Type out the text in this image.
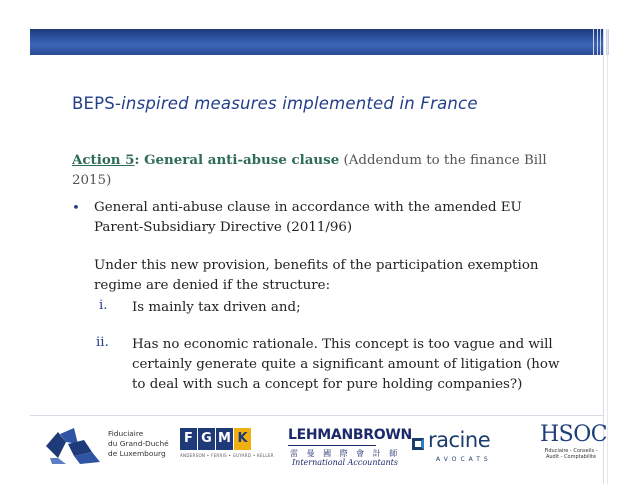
BEPS-inspired measures implemented in France
Action 5: General anti-abuse clause (Addendum to the finance Bill 2015)
• General anti-abuse clause in accordance with the amended EU Parent-Subsidiary Directive (2011/96)
Under this new provision, benefits of the participation exemption regime are denied if the structure:
i. Is mainly tax driven and;
ii. Has no economic rationale. This concept is too vague and will certainly generate quite a significant amount of litigation (how to deal with such a concept for pure holding companies?)
Fiduciaire
du Grand-Duché
de Luxembourg
F G M K
ANDERSON • FERRIS • GUYARD • KELLER
LEHMANBROWN
雷 曼 國 際 會 計 師
International Accountants
racine
AVOCATS
HSOC
Fiduciaire - Conseils - Audit - Comptabilité
